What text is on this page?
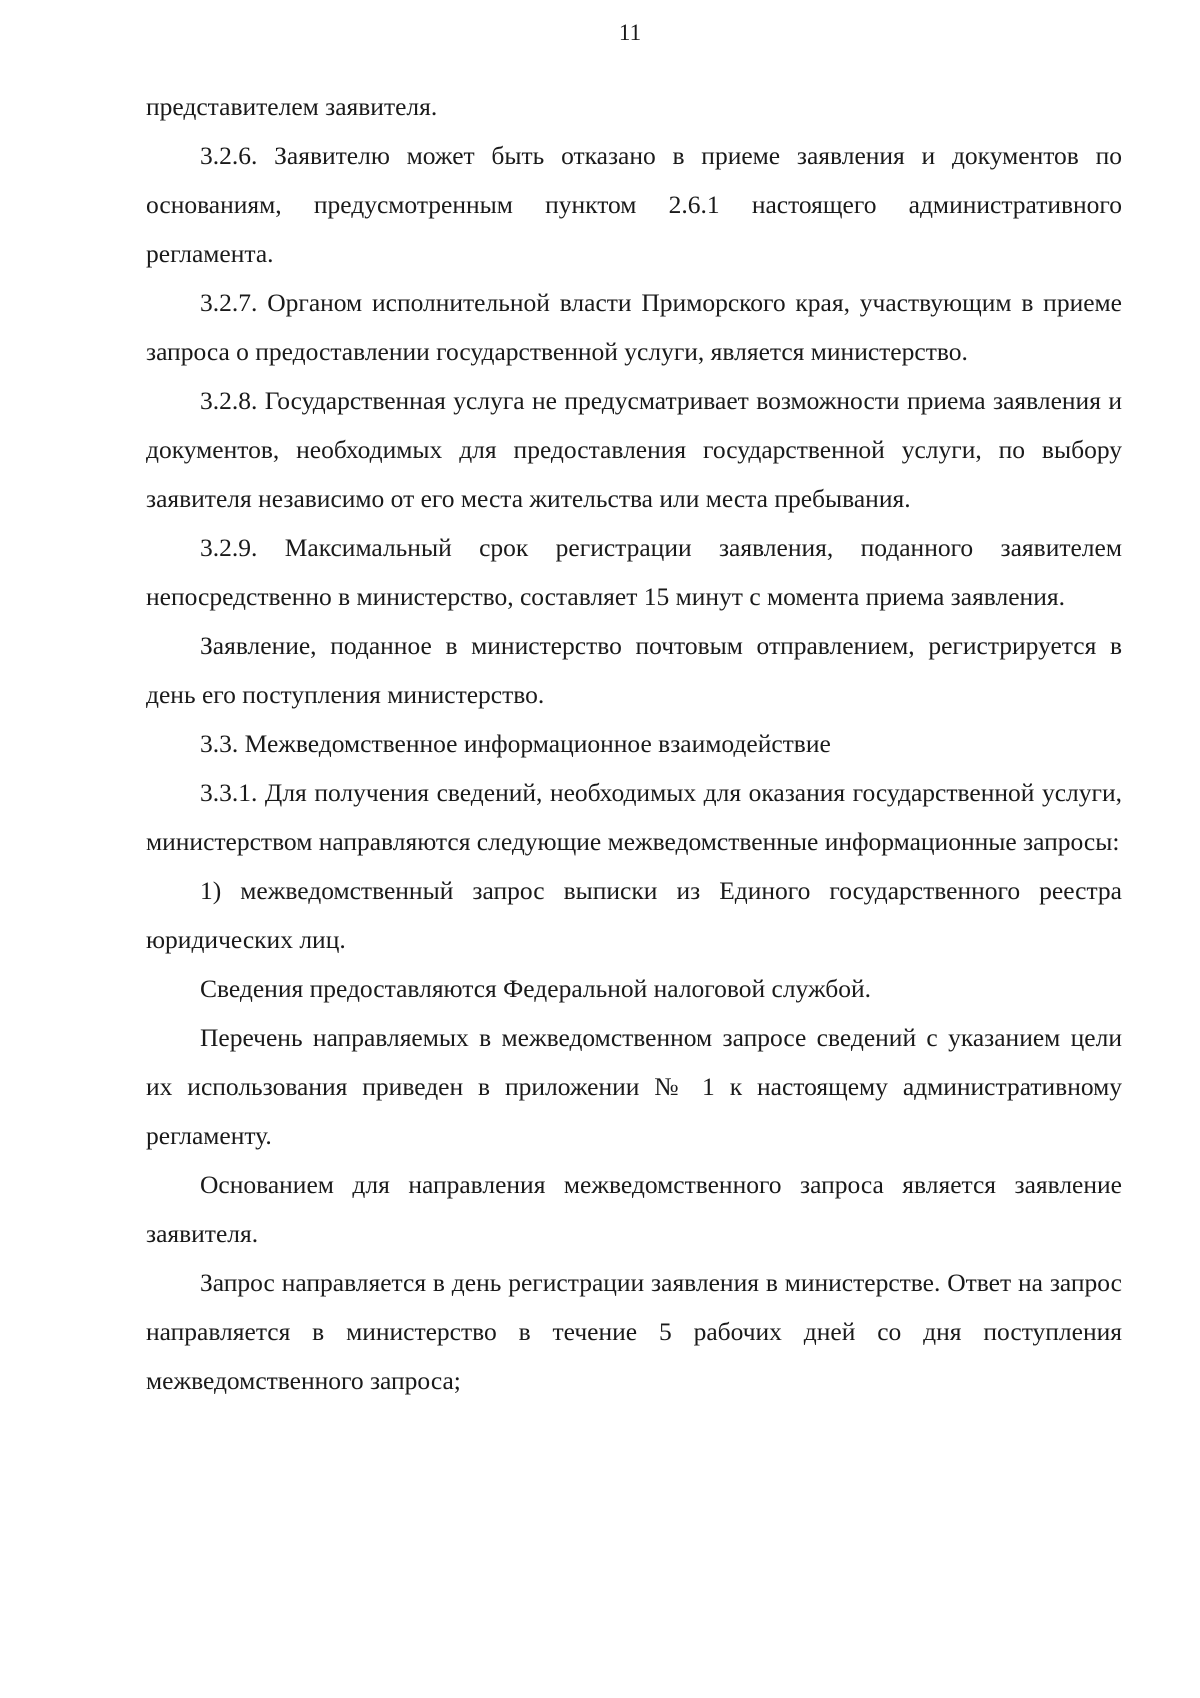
11

представителем заявителя.

3.2.6. Заявителю может быть отказано в приеме заявления и документов по основаниям, предусмотренным пунктом 2.6.1 настоящего административного регламента.

3.2.7. Органом исполнительной власти Приморского края, участвующим в приеме запроса о предоставлении государственной услуги, является министерство.

3.2.8. Государственная услуга не предусматривает возможности приема заявления и документов, необходимых для предоставления государственной услуги, по выбору заявителя независимо от его места жительства или места пребывания.

3.2.9. Максимальный срок регистрации заявления, поданного заявителем непосредственно в министерство, составляет 15 минут с момента приема заявления.

Заявление, поданное в министерство почтовым отправлением, регистрируется в день его поступления министерство.

3.3. Межведомственное информационное взаимодействие

3.3.1. Для получения сведений, необходимых для оказания государственной услуги, министерством направляются следующие межведомственные информационные запросы:

1) межведомственный запрос выписки из Единого государственного реестра юридических лиц.

Сведения предоставляются Федеральной налоговой службой.

Перечень направляемых в межведомственном запросе сведений с указанием цели их использования приведен в приложении № 1 к настоящему административному регламенту.

Основанием для направления межведомственного запроса является заявление заявителя.

Запрос направляется в день регистрации заявления в министерстве. Ответ на запрос направляется в министерство в течение 5 рабочих дней со дня поступления межведомственного запроса;
